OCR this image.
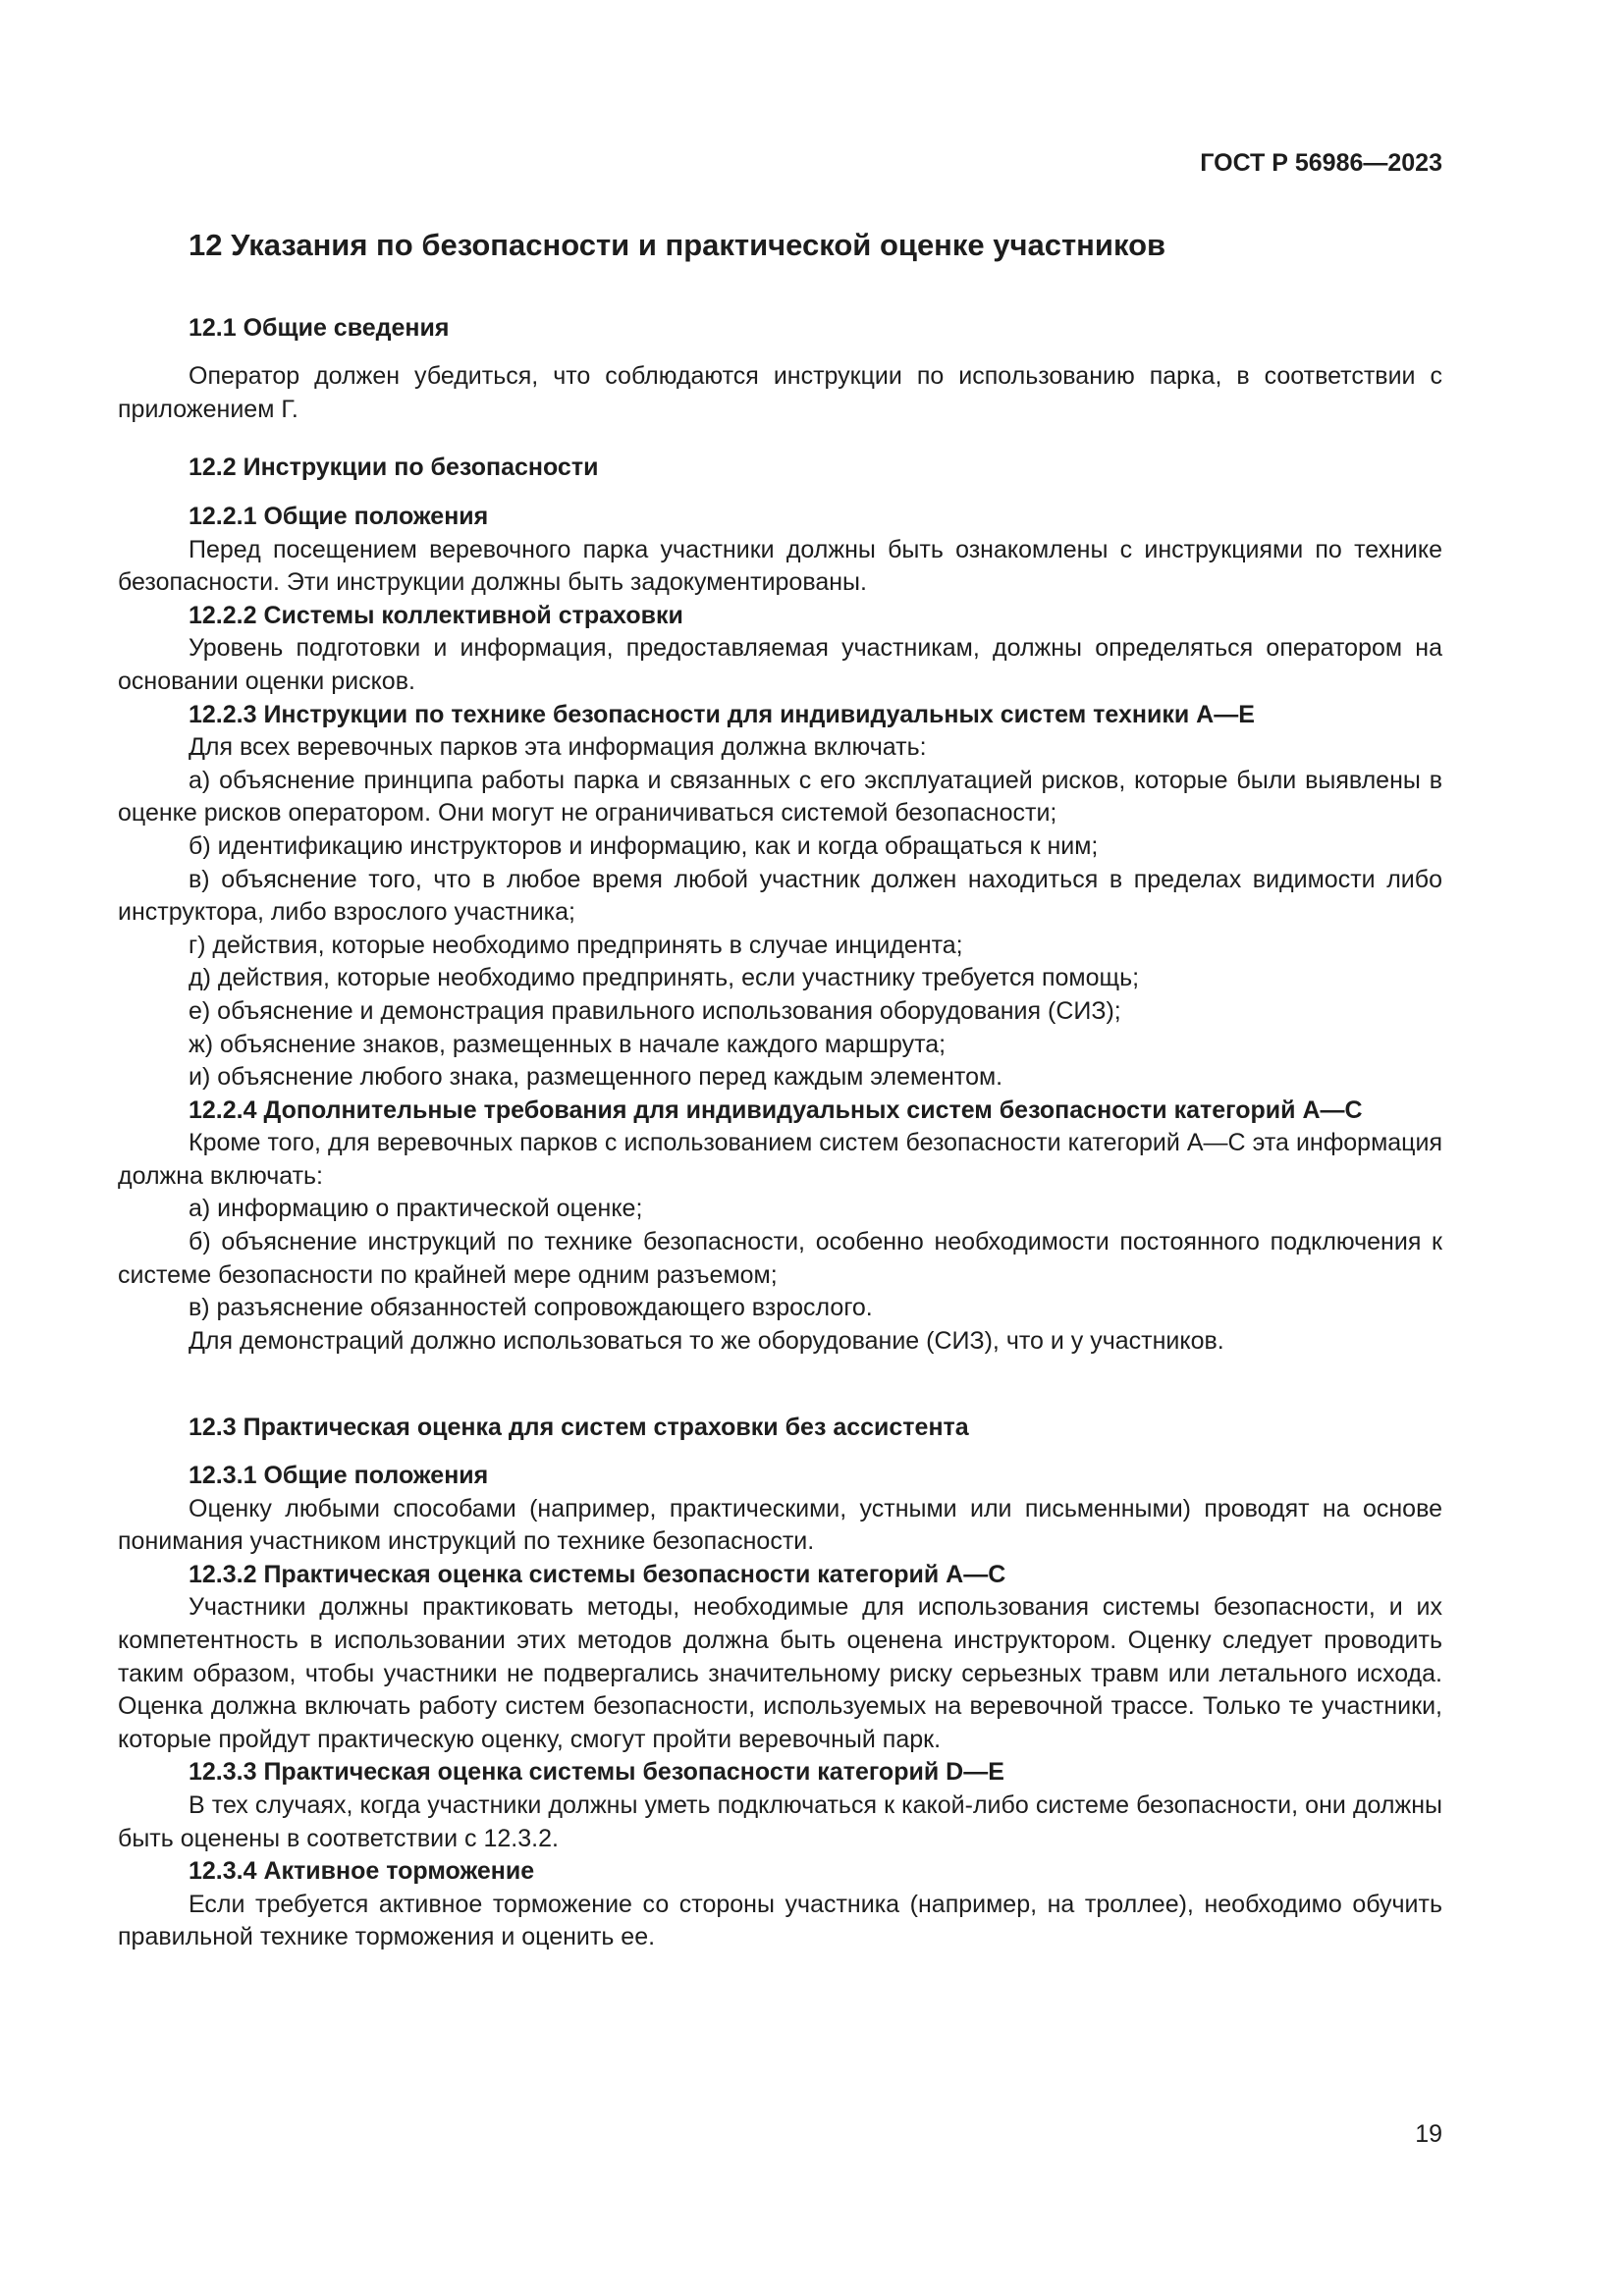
ГОСТ Р 56986—2023
12 Указания по безопасности и практической оценке участников
12.1 Общие сведения

Оператор должен убедиться, что соблюдаются инструкции по использованию парка, в соответствии с приложением Г.

12.2 Инструкции по безопасности
12.2.1 Общие положения

Перед посещением веревочного парка участники должны быть ознакомлены с инструкциями по технике безопасности. Эти инструкции должны быть задокументированы.

12.2.2 Системы коллективной страховки

Уровень подготовки и информация, предоставляемая участникам, должны определяться оператором на основании оценки рисков.

12.2.3 Инструкции по технике безопасности для индивидуальных систем техники А—Е

Для всех веревочных парков эта информация должна включать:

а) объяснение принципа работы парка и связанных с его эксплуатацией рисков, которые были выявлены в оценке рисков оператором. Они могут не ограничиваться системой безопасности;

б) идентификацию инструкторов и информацию, как и когда обращаться к ним;

в) объяснение того, что в любое время любой участник должен находиться в пределах видимости либо инструктора, либо взрослого участника;

г) действия, которые необходимо предпринять в случае инцидента;

д) действия, которые необходимо предпринять, если участнику требуется помощь;

е) объяснение и демонстрация правильного использования оборудования (СИЗ);

ж) объяснение знаков, размещенных в начале каждого маршрута;

и) объяснение любого знака, размещенного перед каждым элементом.

12.2.4 Дополнительные требования для индивидуальных систем безопасности категорий А—С

Кроме того, для веревочных парков с использованием систем безопасности категорий А—С эта информация должна включать:

а) информацию о практической оценке;

б) объяснение инструкций по технике безопасности, особенно необходимости постоянного подключения к системе безопасности по крайней мере одним разъемом;

в) разъяснение обязанностей сопровождающего взрослого.

Для демонстраций должно использоваться то же оборудование (СИЗ), что и у участников.

12.3 Практическая оценка для систем страховки без ассистента
12.3.1 Общие положения

Оценку любыми способами (например, практическими, устными или письменными) проводят на основе понимания участником инструкций по технике безопасности.

12.3.2 Практическая оценка системы безопасности категорий А—С

Участники должны практиковать методы, необходимые для использования системы безопасности, и их компетентность в использовании этих методов должна быть оценена инструктором. Оценку следует проводить таким образом, чтобы участники не подвергались значительному риску серьезных травм или летального исхода. Оценка должна включать работу систем безопасности, используемых на веревочной трассе. Только те участники, которые пройдут практическую оценку, смогут пройти веревочный парк.

12.3.3 Практическая оценка системы безопасности категорий D—E

В тех случаях, когда участники должны уметь подключаться к какой-либо системе безопасности, они должны быть оценены в соответствии с 12.3.2.

12.3.4 Активное торможение

Если требуется активное торможение со стороны участника (например, на троллее), необходимо обучить правильной технике торможения и оценить ее.

19
